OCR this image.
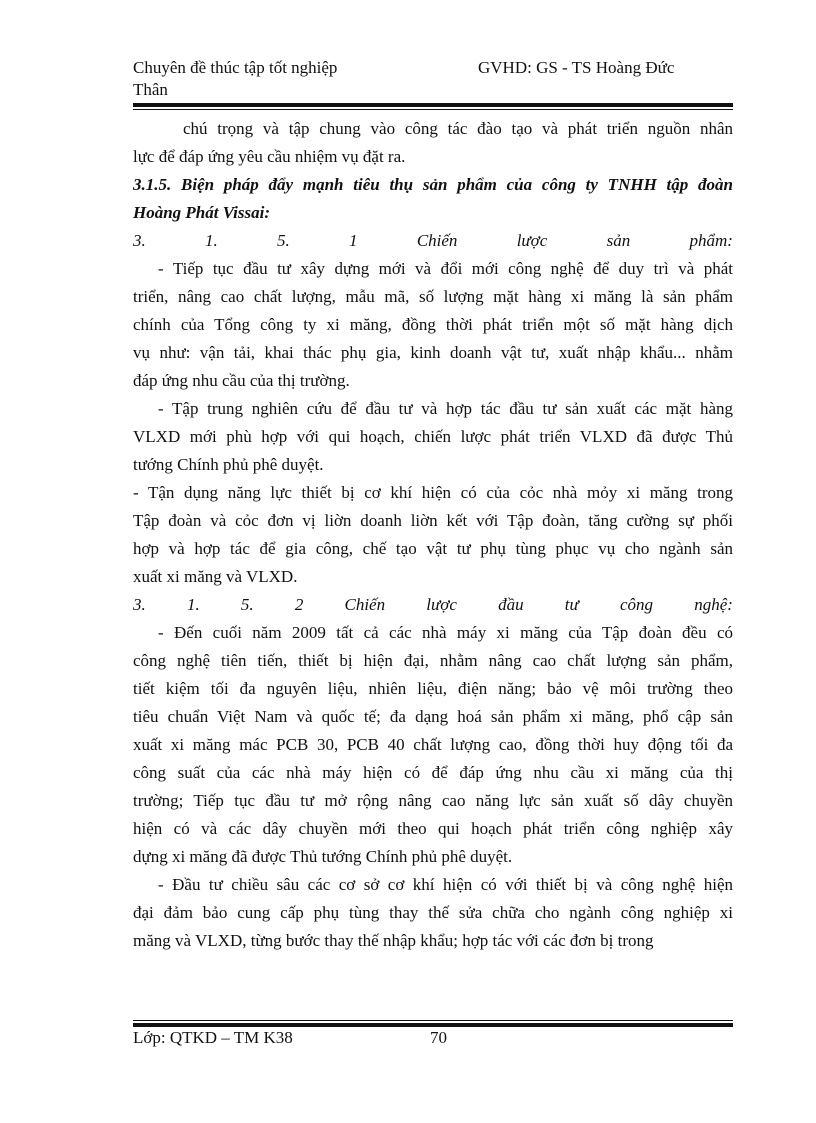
Chuyên đề thúc tập tốt nghiệp	GVHD: GS - TS Hoàng Đức
Thân
chú trọng và tập chung vào công tác đào tạo và phát triển nguồn nhân
lực để đáp ứng yêu cầu nhiệm vụ đặt ra.
3.1.5. Biện pháp đẩy mạnh tiêu thụ sản phẩm của công ty TNHH tập đoàn
Hoàng Phát Vissai:
3.	1.	5.	1	Chiến	lược	sản	phẩm:
- Tiếp tục đầu tư xây dựng mới và đổi mới công nghệ để duy trì và phát
triển, nâng cao chất lượng, mẫu mã, số lượng mặt hàng xi măng là sản phẩm
chính của Tổng công ty xi măng, đồng thời phát triển một số mặt hàng dịch
vụ như: vận tải, khai thác phụ gia, kinh doanh vật tư, xuất nhập khẩu... nhằm
đáp ứng nhu cầu của thị trường.
- Tập trung nghiên cứu để đầu tư và hợp tác đầu tư sản xuất các mặt hàng
VLXD mới phù hợp với qui hoạch, chiến lược phát triển VLXD đã được Thủ
tướng Chính phủ phê duyệt.
- Tận dụng năng lực thiết bị cơ khí hiện có của cỏc nhà mỏy xi măng trong
Tập đoàn và cỏc đơn vị liờn doanh liờn kết với Tập đoàn, tăng cường sự phối
hợp và hợp tác để gia công, chế tạo vật tư phụ tùng phục vụ cho ngành sản
xuất xi măng và VLXD.
3. 1. 5. 2 Chiến lược đầu tư công nghệ:
- Đến cuối năm 2009 tất cả các nhà máy xi măng của Tập đoàn đều có
công nghệ tiên tiến, thiết bị hiện đại, nhằm nâng cao chất lượng sản phẩm,
tiết kiệm tối đa nguyên liệu, nhiên liệu, điện năng; bảo vệ môi trường theo
tiêu chuẩn Việt Nam và quốc tế; đa dạng hoá sản phẩm xi măng, phổ cập sản
xuất xi măng mác PCB 30, PCB 40 chất lượng cao, đồng thời huy động tối đa
công suất của các nhà máy hiện có để đáp ứng nhu cầu xi măng của thị
trường; Tiếp tục đầu tư mở rộng nâng cao năng lực sản xuất số dây chuyền
hiện có và các dây chuyền mới theo qui hoạch phát triển công nghiệp xây
dựng xi măng đã được Thủ tướng Chính phủ phê duyệt.
- Đầu tư chiều sâu các cơ sở cơ khí hiện có với thiết bị và công nghệ hiện
đại đảm bảo cung cấp phụ tùng thay thế sửa chữa cho ngành công nghiệp xi
măng và VLXD, từng bước thay thế nhập khẩu; hợp tác với các đơn bị trong
Lớp: QTKD – TM K38	70
